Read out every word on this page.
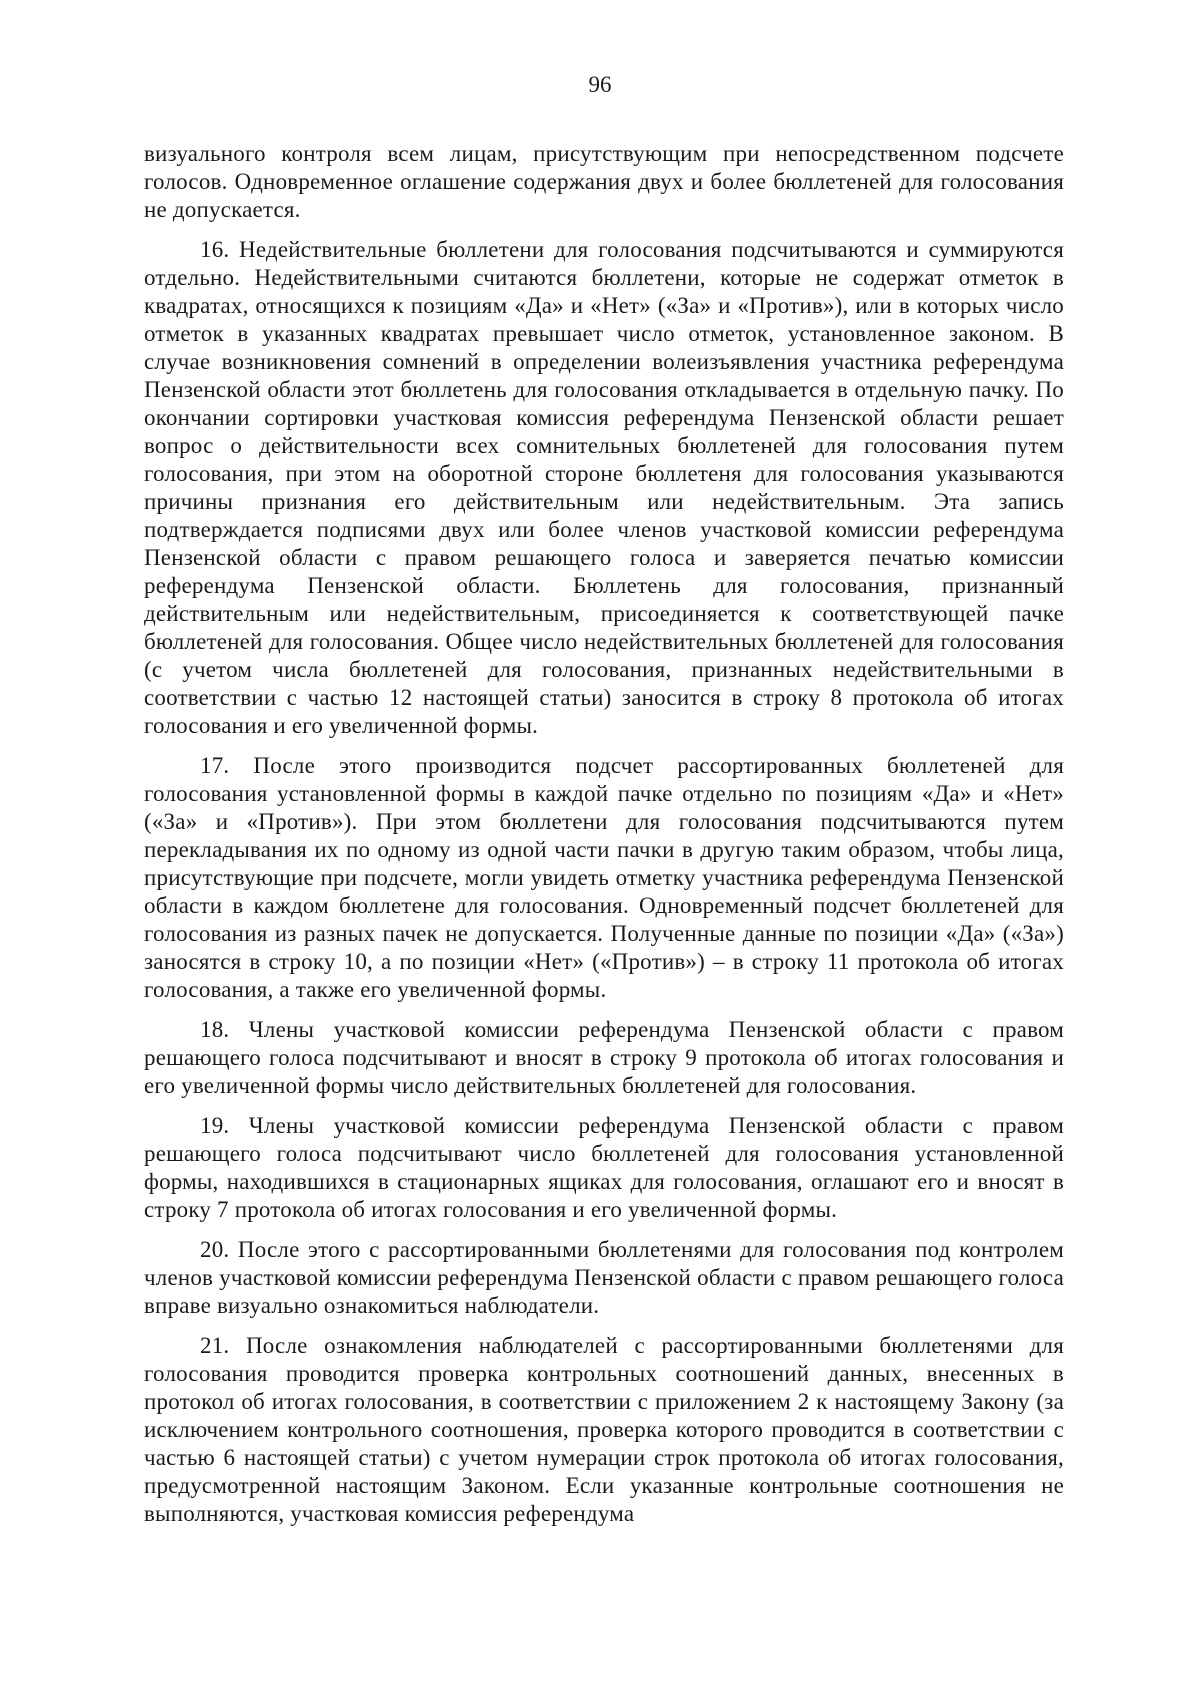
96

визуального контроля всем лицам, присутствующим при непосредственном подсчете голосов. Одновременное оглашение содержания двух и более бюллетеней для голосования не допускается.

16. Недействительные бюллетени для голосования подсчитываются и суммируются отдельно. Недействительными считаются бюллетени, которые не содержат отметок в квадратах, относящихся к позициям «Да» и «Нет» («За» и «Против»), или в которых число отметок в указанных квадратах превышает число отметок, установленное законом. В случае возникновения сомнений в определении волеизъявления участника референдума Пензенской области этот бюллетень для голосования откладывается в отдельную пачку. По окончании сортировки участковая комиссия референдума Пензенской области решает вопрос о действительности всех сомнительных бюллетеней для голосования путем голосования, при этом на оборотной стороне бюллетеня для голосования указываются причины признания его действительным или недействительным. Эта запись подтверждается подписями двух или более членов участковой комиссии референдума Пензенской области с правом решающего голоса и заверяется печатью комиссии референдума Пензенской области. Бюллетень для голосования, признанный действительным или недействительным, присоединяется к соответствующей пачке бюллетеней для голосования. Общее число недействительных бюллетеней для голосования (с учетом числа бюллетеней для голосования, признанных недействительными в соответствии с частью 12 настоящей статьи) заносится в строку 8 протокола об итогах голосования и его увеличенной формы.

17. После этого производится подсчет рассортированных бюллетеней для голосования установленной формы в каждой пачке отдельно по позициям «Да» и «Нет» («За» и «Против»). При этом бюллетени для голосования подсчитываются путем перекладывания их по одному из одной части пачки в другую таким образом, чтобы лица, присутствующие при подсчете, могли увидеть отметку участника референдума Пензенской области в каждом бюллетене для голосования. Одновременный подсчет бюллетеней для голосования из разных пачек не допускается. Полученные данные по позиции «Да» («За») заносятся в строку 10, а по позиции «Нет» («Против») – в строку 11 протокола об итогах голосования, а также его увеличенной формы.

18. Члены участковой комиссии референдума Пензенской области с правом решающего голоса подсчитывают и вносят в строку 9 протокола об итогах голосования и его увеличенной формы число действительных бюллетеней для голосования.

19. Члены участковой комиссии референдума Пензенской области с правом решающего голоса подсчитывают число бюллетеней для голосования установленной формы, находившихся в стационарных ящиках для голосования, оглашают его и вносят в строку 7 протокола об итогах голосования и его увеличенной формы.

20. После этого с рассортированными бюллетенями для голосования под контролем членов участковой комиссии референдума Пензенской области с правом решающего голоса вправе визуально ознакомиться наблюдатели.

21. После ознакомления наблюдателей с рассортированными бюллетенями для голосования проводится проверка контрольных соотношений данных, внесенных в протокол об итогах голосования, в соответствии с приложением 2 к настоящему Закону (за исключением контрольного соотношения, проверка которого проводится в соответствии с частью 6 настоящей статьи) с учетом нумерации строк протокола об итогах голосования, предусмотренной настоящим Законом. Если указанные контрольные соотношения не выполняются, участковая комиссия референдума
